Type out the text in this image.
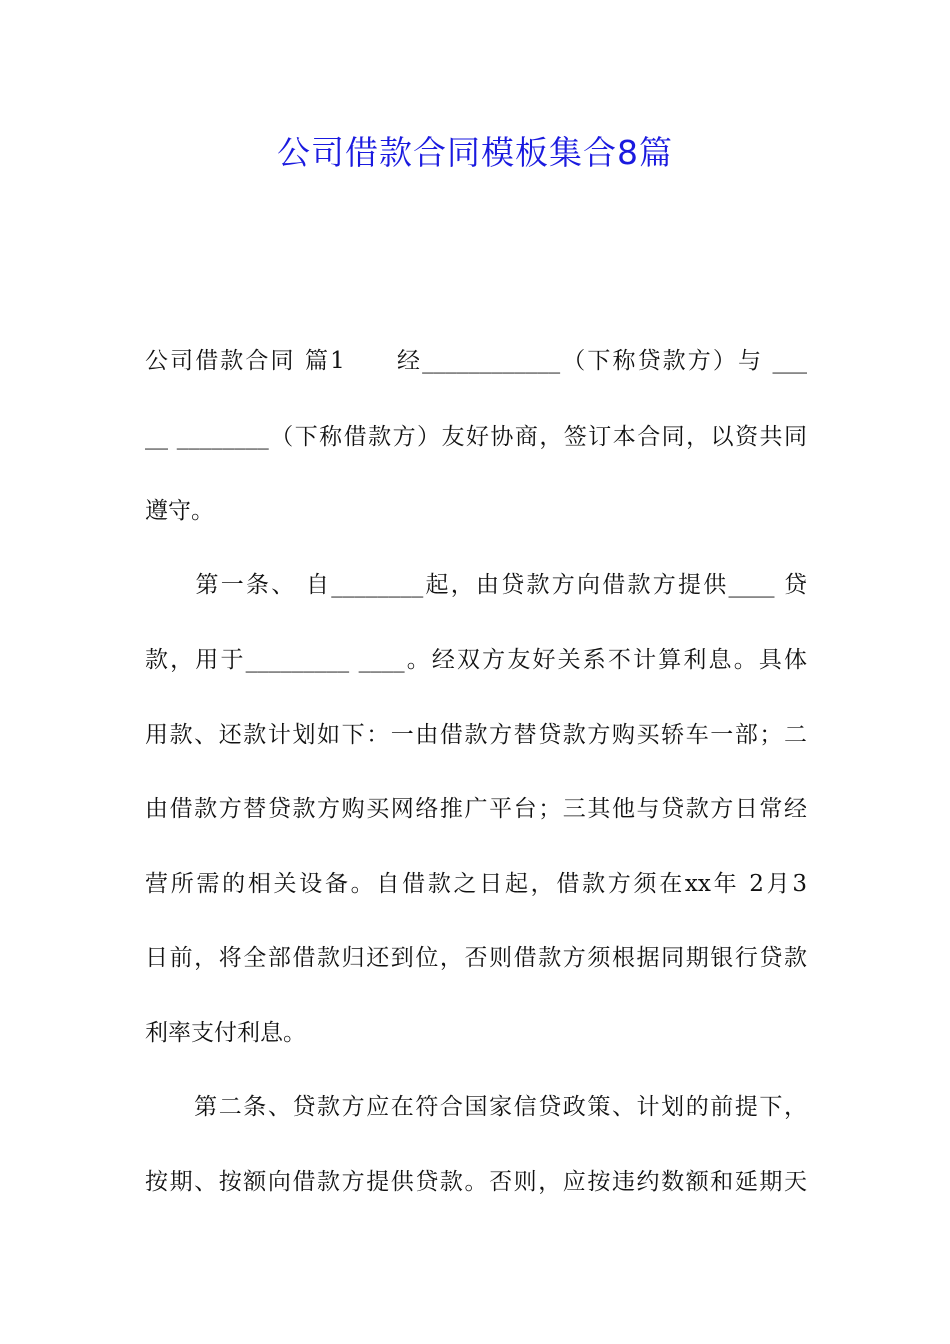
公司借款合同模板集合8篇
公司借款合同 篇1　　经____________（下称贷款方）与 ___
__ ________（下称借款方）友好协商，签订本合同，以资共同
遵守。
　　第一条、 自________起，由贷款方向借款方提供____ 贷
款，用于_________ ____。经双方友好关系不计算利息。具体
用款、还款计划如下：一由借款方替贷款方购买轿车一部；二
由借款方替贷款方购买网络推广平台；三其他与贷款方日常经
营所需的相关设备。自借款之日起，借款方须在xx年 2月3
日前，将全部借款归还到位，否则借款方须根据同期银行贷款
利率支付利息。
　　第二条、贷款方应在符合国家信贷政策、计划的前提下，
按期、按额向借款方提供贷款。否则，应按违约数额和延期天
